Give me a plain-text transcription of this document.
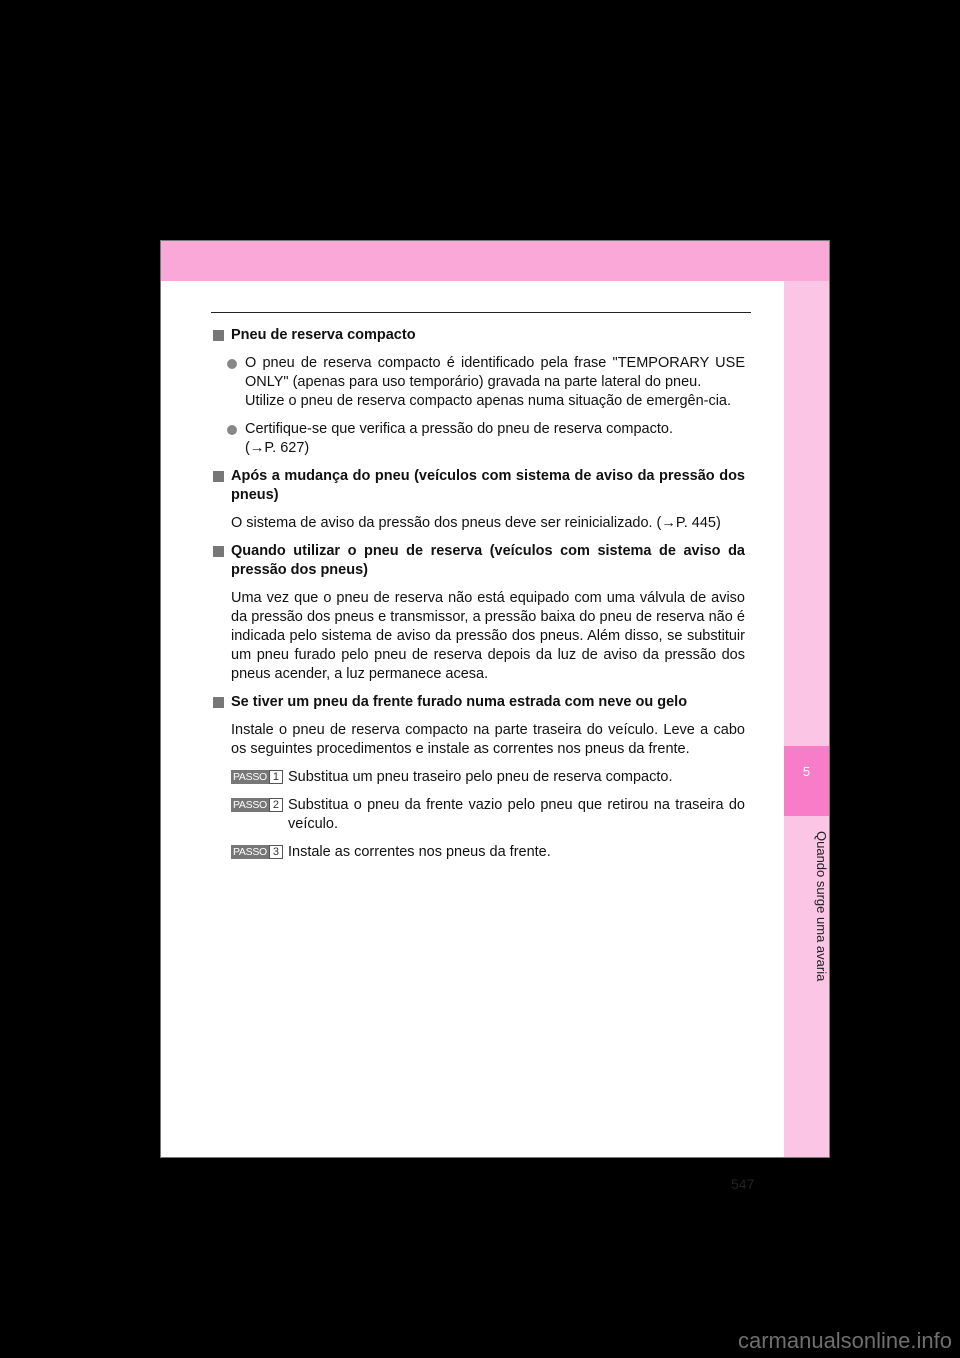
5
Quando surge uma avaria
Pneu de reserva compacto
O pneu de reserva compacto é identificado pela frase "TEMPORARY USE ONLY" (apenas para uso temporário) gravada na parte lateral do pneu.
Utilize o pneu de reserva compacto apenas numa situação de emergên-cia.
Certifique-se que verifica a pressão do pneu de reserva compacto.
(→P. 627)
Após a mudança do pneu (veículos com sistema de aviso da pressão dos pneus)
O sistema de aviso da pressão dos pneus deve ser reinicializado. (→P. 445)
Quando utilizar o pneu de reserva (veículos com sistema de aviso da pressão dos pneus)
Uma vez que o pneu de reserva não está equipado com uma válvula de aviso da pressão dos pneus e transmissor, a pressão baixa do pneu de reserva não é indicada pelo sistema de aviso da pressão dos pneus. Além disso, se substituir um pneu furado pelo pneu de reserva depois da luz de aviso da pressão dos pneus acender, a luz permanece acesa.
Se tiver um pneu da frente furado numa estrada com neve ou gelo
Instale o pneu de reserva compacto na parte traseira do veículo. Leve a cabo os seguintes procedimentos e instale as correntes nos pneus da frente.
PASSO 1 Substitua um pneu traseiro pelo pneu de reserva compacto.
PASSO 2 Substitua o pneu da frente vazio pelo pneu que retirou na traseira do veículo.
PASSO 3 Instale as correntes nos pneus da frente.
547
carmanualsonline.info
